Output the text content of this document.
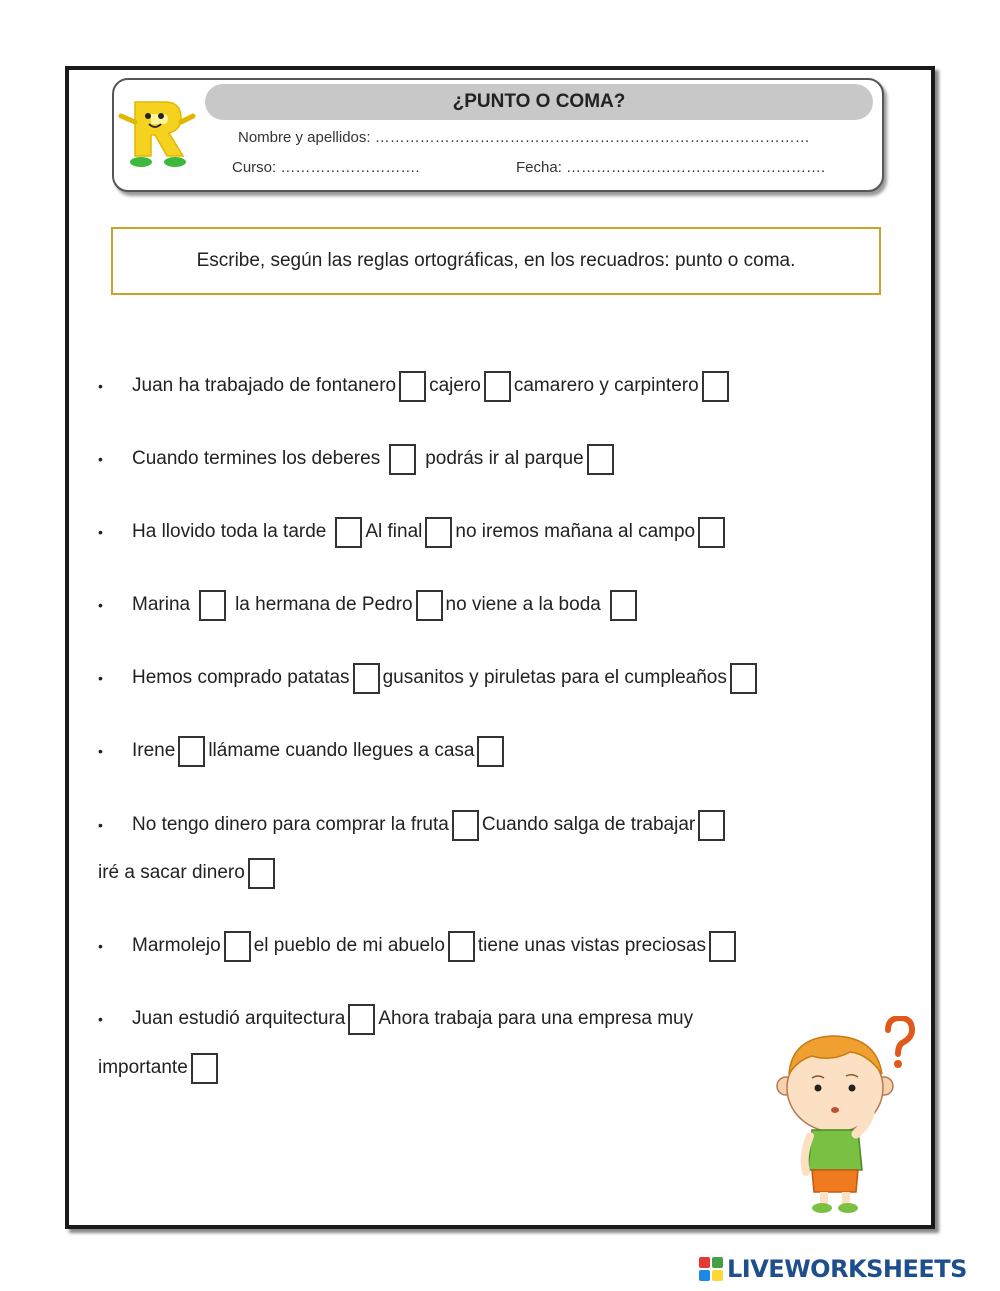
¿PUNTO O COMA?
Nombre y apellidos: ……………………………………………………………………………
Curso: ……………………….	Fecha: …………………………………………….
Escribe, según las reglas ortográficas, en los recuadros: punto o coma.
•	Juan ha trabajado de fontanero cajero camarero y carpintero
•	Cuando termines los deberes podrás ir al parque
•	Ha llovido toda la tarde Al final no iremos mañana al campo
•	Marina la hermana de Pedro no viene a la boda
•	Hemos comprado patatas gusanitos y piruletas para el cumpleaños
•	Irene llámame cuando llegues a casa
•	No tengo dinero para comprar la fruta Cuando salga de trabajar
iré a sacar dinero
•	Marmolejo el pueblo de mi abuelo tiene unas vistas preciosas
•	Juan estudió arquitectura Ahora trabaja para una empresa muy
importante
LIVEWORKSHEETS
